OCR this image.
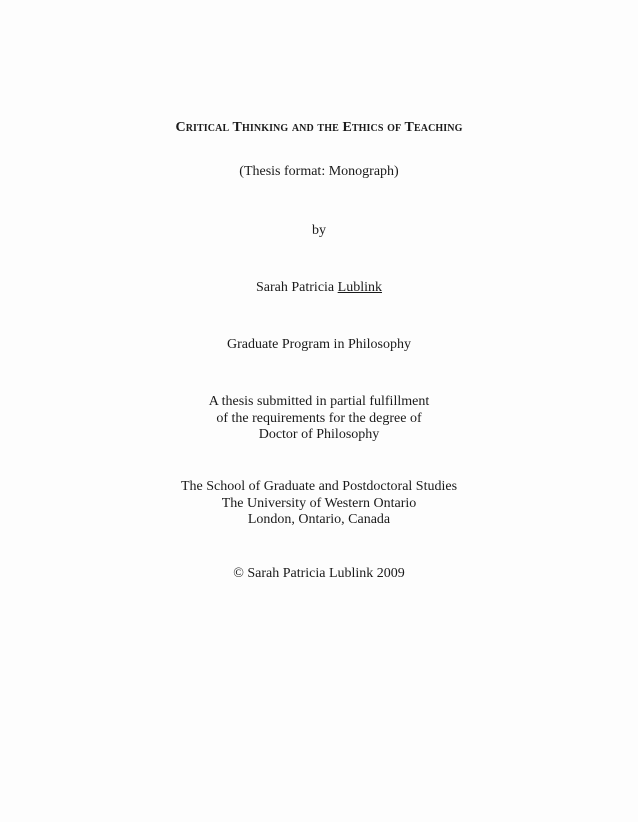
Critical Thinking and the Ethics of Teaching
(Thesis format: Monograph)
by
Sarah Patricia Lublink
Graduate Program in Philosophy
A thesis submitted in partial fulfillment
of the requirements for the degree of
Doctor of Philosophy
The School of Graduate and Postdoctoral Studies
The University of Western Ontario
London, Ontario, Canada
© Sarah Patricia Lublink 2009
